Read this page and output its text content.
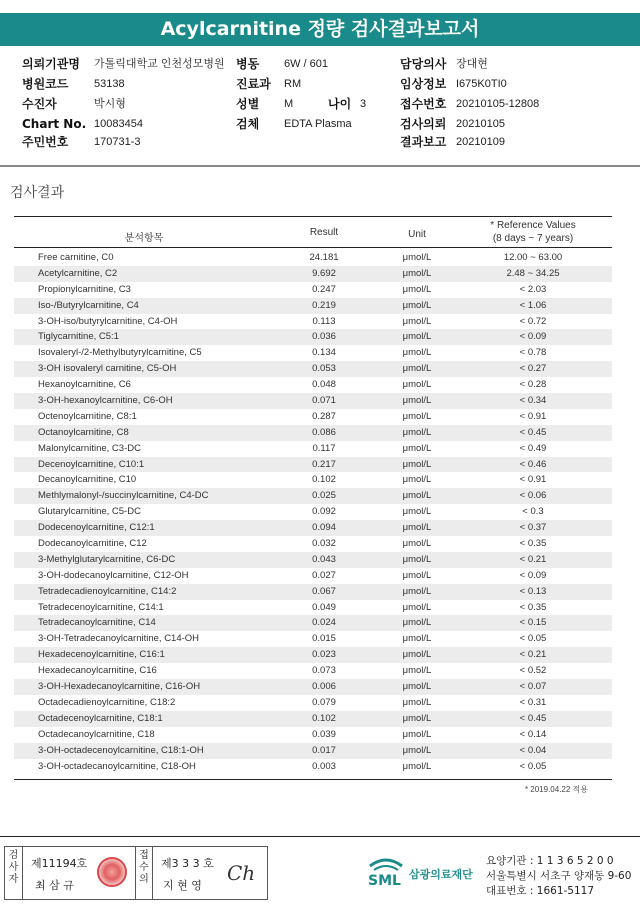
Acylcarnitine 정량 검사결과보고서
의뢰기관명 가톨릭대학교 인천성모병원 병동 6W / 601	담당의사 장대현
병원코드 53138	진료과 RM	임상정보 I675K0TI0
수진자	박시형	성별 M	나이 3	접수번호 20210105-12808
Chart No. 10083454	검체 EDTA Plasma	검사의뢰 20210105
주민번호 170731-3	결과보고 20210109
검사결과
분석항목
Result	Unit
* Reference Values
(8 days ~ 7 years)
Free carnitine, C0	24.181	μmol/L	12.00 ~ 63.00
Acetylcarnitine, C2	9.692	μmol/L	2.48 ~ 34.25
Propionylcarnitine, C3	0.247	μmol/L	< 2.03
Iso-/Butyrylcarnitine, C4	0.219	μmol/L	< 1.06
3-OH-iso/butyrylcarnitine, C4-OH	0.113	μmol/L	< 0.72
Tiglycarnitine, C5:1	0.036	μmol/L	< 0.09
Isovaleryl-/2-Methylbutyrylcarnitine, C5	0.134	μmol/L	< 0.78
3-OH isovaleryl carnitine, C5-OH	0.053	μmol/L	< 0.27
Hexanoylcarnitine, C6	0.048	μmol/L	< 0.28
3-OH-hexanoylcarnitine, C6-OH	0.071	μmol/L	< 0.34
Octenoylcarnitine, C8:1	0.287	μmol/L	< 0.91
Octanoylcarnitine, C8	0.086	μmol/L	< 0.45
Malonylcarnitine, C3-DC	0.117	μmol/L	< 0.49
Decenoylcarnitine, C10:1	0.217	μmol/L	< 0.46
Decanoylcarnitine, C10	0.102	μmol/L	< 0.91
Methlymalonyl-/succinylcarnitine, C4-DC	0.025	μmol/L	< 0.06
Glutarylcarnitine, C5-DC	0.092	μmol/L	< 0.3
Dodecenoylcarnitine, C12:1	0.094	μmol/L	< 0.37
Dodecanoylcarnitine, C12	0.032	μmol/L	< 0.35
3-Methylglutarylcarnitine, C6-DC	0.043	μmol/L	< 0.21
3-OH-dodecanoylcarnitine, C12-OH	0.027	μmol/L	< 0.09
Tetradecadienoylcarnitine, C14:2	0.067	μmol/L	< 0.13
Tetradecenoylcarnitine, C14:1	0.049	μmol/L	< 0.35
Tetradecanoylcarnitine, C14	0.024	μmol/L	< 0.15
3-OH-Tetradecanoylcarnitine, C14-OH	0.015	μmol/L	< 0.05
Hexadecenoylcarnitine, C16:1	0.023	μmol/L	< 0.21
Hexadecanoylcarnitine, C16	0.073	μmol/L	< 0.52
3-OH-Hexadecanoylcarnitine, C16-OH	0.006	μmol/L	< 0.07
Octadecadienoylcarnitine, C18:2	0.079	μmol/L	< 0.31
Octadecenoylcarnitine, C18:1	0.102	μmol/L	< 0.45
Octadecanoylcarnitine, C18	0.039	μmol/L	< 0.14
3-OH-octadecenoylcarnitine, C18:1-OH	0.017	μmol/L	< 0.04
3-OH-octadecanoylcarnitine, C18-OH	0.003	μmol/L	< 0.05
* 2019.04.22 적용
검
사
자
제11194호
최 삼 규
접
수
의
제3 3 3 호
지 현 영
Ch	SML 삼광의료재단
요양기관 : 1 1 3 6 5 2 0 0
서울특별시 서초구 양재동 9-60
대표번호 : 1661-5117
